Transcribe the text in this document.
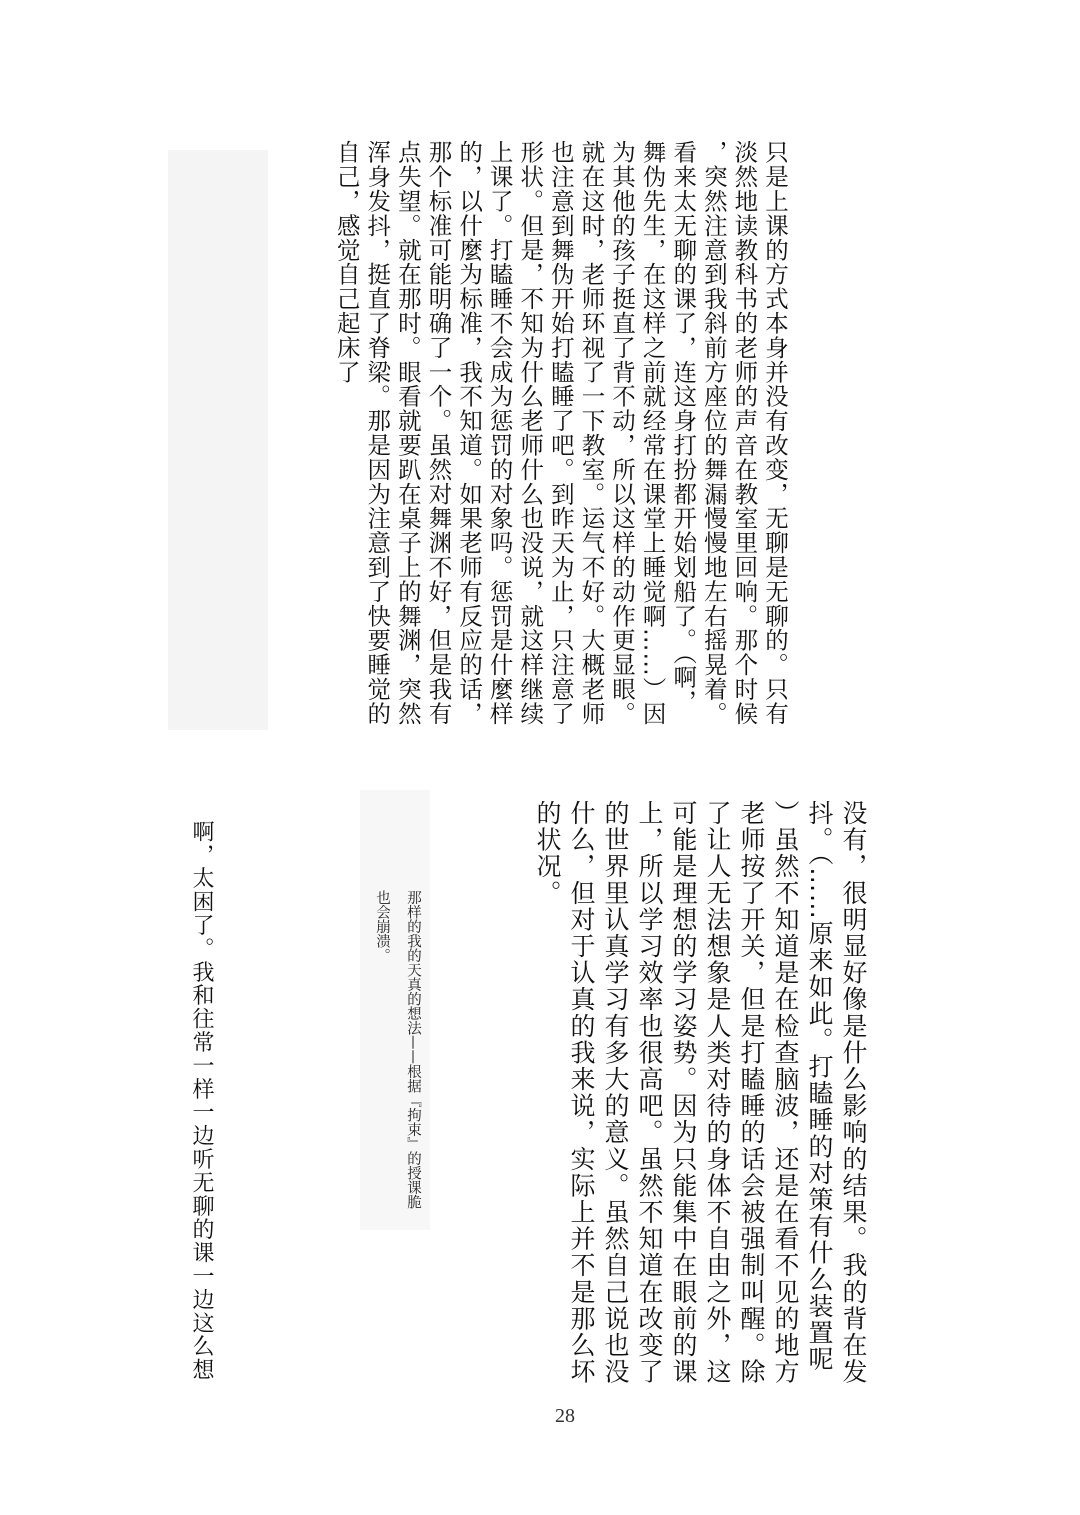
只是上课的方式本身并没有改变，无聊是无聊的。只有
淡然地读教科书的老师的声音在教室里回响。那个时候
，突然注意到我斜前方座位的舞漏慢慢地左右摇晃着。
看来太无聊的课了，连这身打扮都开始划船了。（啊，
舞伪先生，在这样之前就经常在课堂上睡觉啊……）因
为其他的孩子挺直了背不动，所以这样的动作更显眼。
就在这时，老师环视了一下教室。运气不好。大概老师
也注意到舞伪开始打瞌睡了吧。到昨天为止，只注意了
形状。但是，不知为什么老师什么也没说，就这样继续
上课了。打瞌睡不会成为惩罚的对象吗。惩罚是什麼样
的，以什麼为标准，我不知道。如果老师有反应的话，
那个标准可能明确了一个。虽然对舞渊不好，但是我有
点失望。就在那时。眼看就要趴在桌子上的舞渊，突然
浑身发抖，挺直了脊梁。那是因为注意到了快要睡觉的
自己，感觉自己起床了
没有，很明显好像是什么影响的结果。我的背在发
抖。（……原来如此。打瞌睡的对策有什么装置呢
）虽然不知道是在检查脑波，还是在看不见的地方
老师按了开关，但是打瞌睡的话会被强制叫醒。除
了让人无法想象是人类对待的身体不自由之外，这
可能是理想的学习姿势。因为只能集中在眼前的课
上，所以学习效率也很高吧。虽然不知道在改变了
的世界里认真学习有多大的意义。虽然自己说也没
什么，但对于认真的我来说，实际上并不是那么坏
的状况。
那样的我的天真的想法——根据『拘束』的授课脆
也会崩溃。
啊，太困了。我和往常一样一边听无聊的课一边这么想
28
